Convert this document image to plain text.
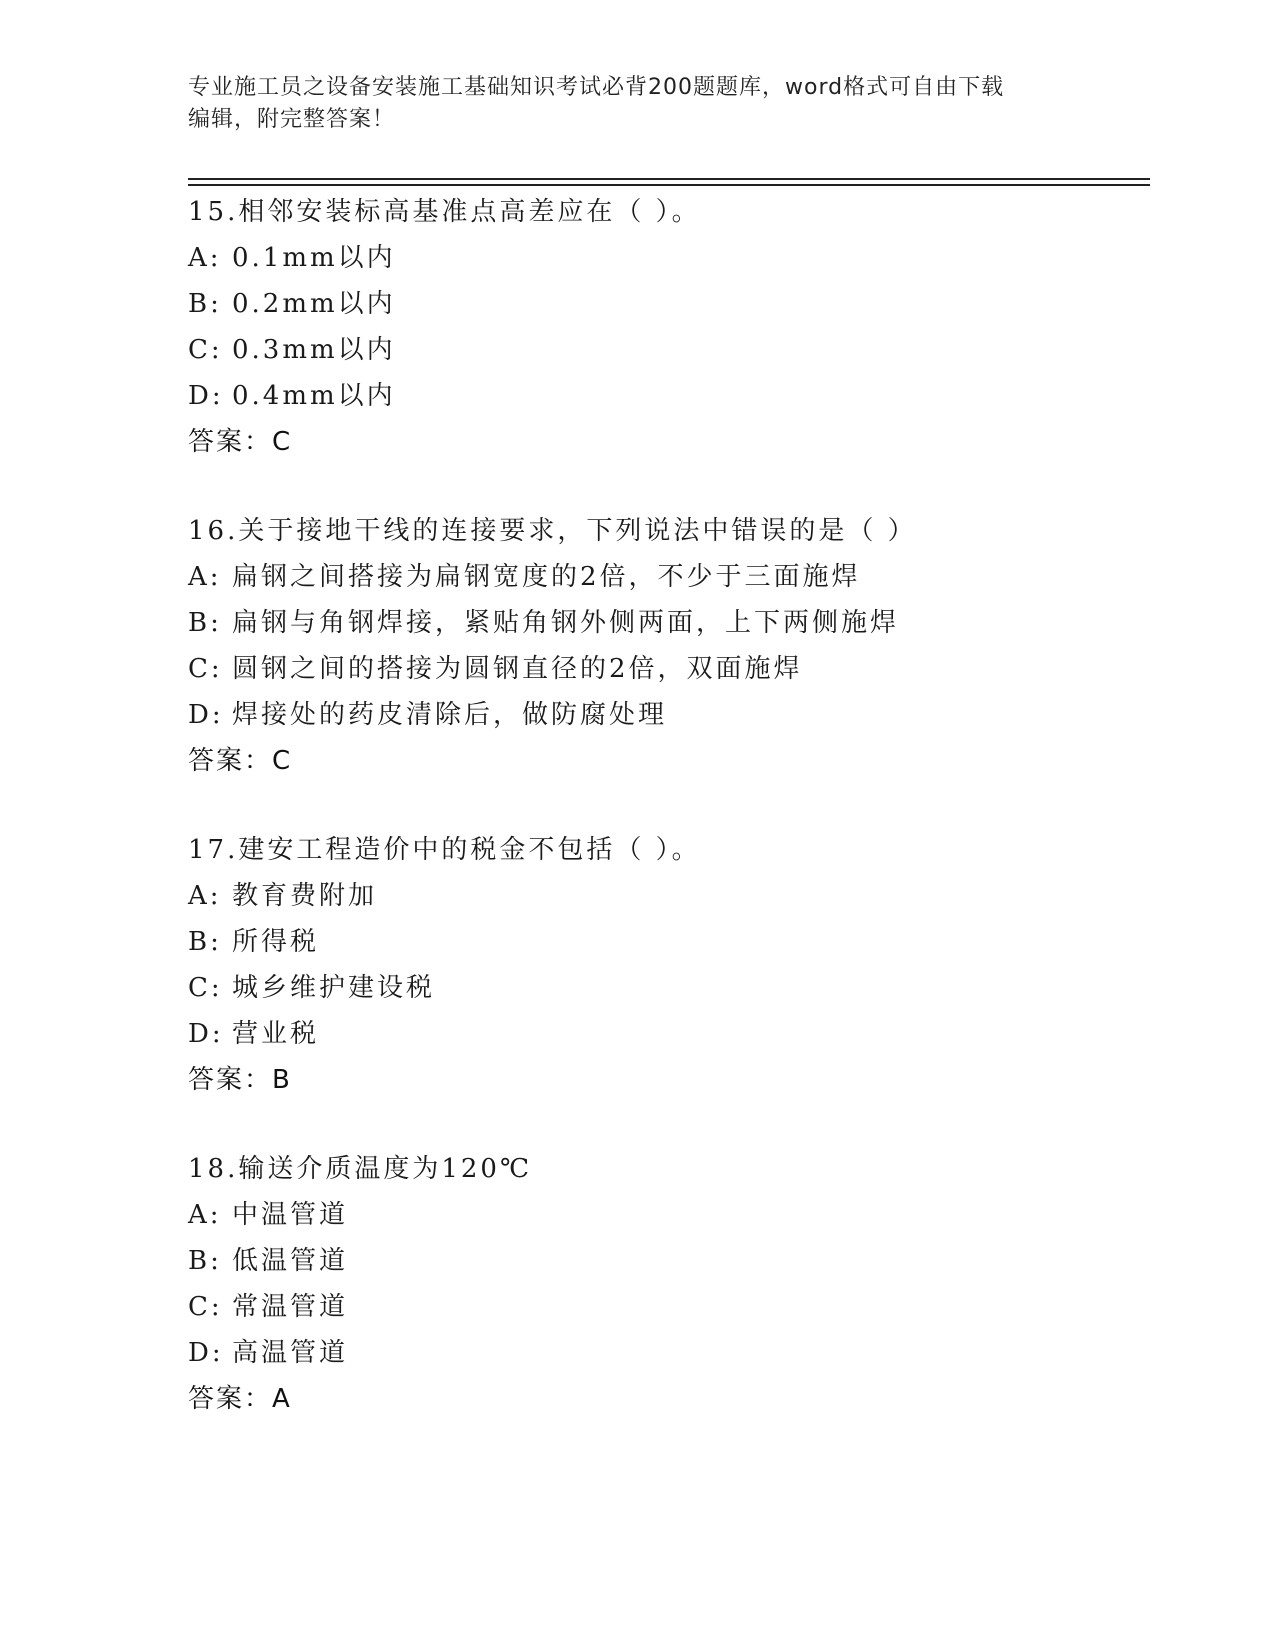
专业施工员之设备安装施工基础知识考试必背200题题库，word格式可自由下载
编辑，附完整答案！
15.相邻安装标高基准点高差应在（ ）。
A: 0.1mm以内
B: 0.2mm以内
C: 0.3mm以内
D: 0.4mm以内
答案：C
16.关于接地干线的连接要求，下列说法中错误的是（ ）
A: 扁钢之间搭接为扁钢宽度的2倍，不少于三面施焊
B: 扁钢与角钢焊接，紧贴角钢外侧两面，上下两侧施焊
C: 圆钢之间的搭接为圆钢直径的2倍，双面施焊
D: 焊接处的药皮清除后，做防腐处理
答案：C
17.建安工程造价中的税金不包括（ ）。
A: 教育费附加
B: 所得税
C: 城乡维护建设税
D: 营业税
答案：B
18.输送介质温度为120℃
A: 中温管道
B: 低温管道
C: 常温管道
D: 高温管道
答案：A
